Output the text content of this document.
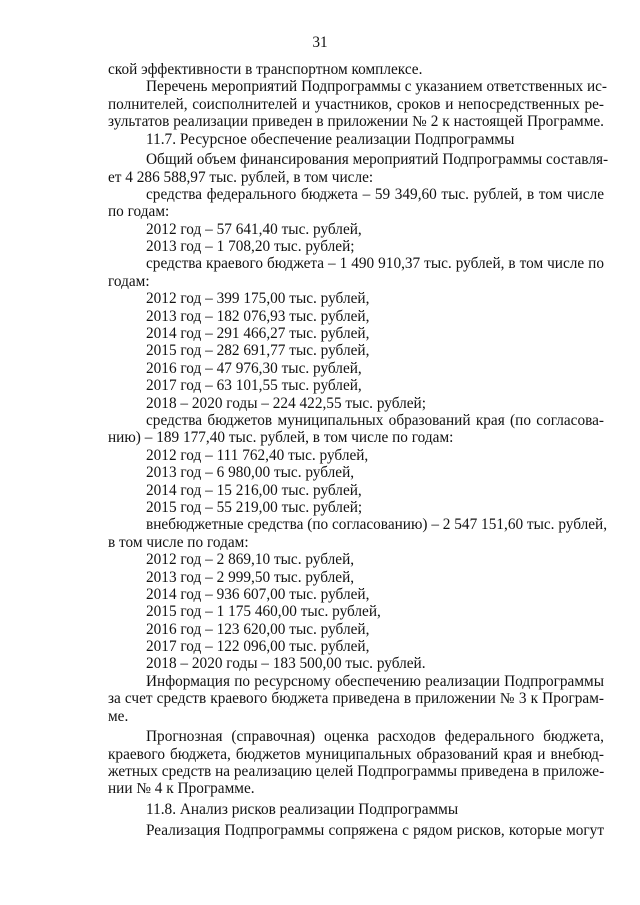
31
ской эффективности в транспортном комплексе.
Перечень мероприятий Подпрограммы с указанием ответственных ис-
полнителей, соисполнителей и участников, сроков и непосредственных ре-
зультатов реализации приведен в приложении № 2 к настоящей Программе.
11.7. Ресурсное обеспечение реализации Подпрограммы
Общий объем финансирования мероприятий Подпрограммы составля-
ет 4 286 588,97 тыс. рублей, в том числе:
средства федерального бюджета – 59 349,60 тыс. рублей, в том числе
по годам:
2012 год – 57 641,40 тыс. рублей,
2013 год – 1 708,20 тыс. рублей;
средства краевого бюджета – 1 490 910,37 тыс. рублей, в том числе по
годам:
2012 год – 399 175,00 тыс. рублей,
2013 год – 182 076,93 тыс. рублей,
2014 год – 291 466,27 тыс. рублей,
2015 год – 282 691,77 тыс. рублей,
2016 год – 47 976,30 тыс. рублей,
2017 год – 63 101,55 тыс. рублей,
2018 – 2020 годы – 224 422,55 тыс. рублей;
средства бюджетов муниципальных образований края (по согласова-
нию) – 189 177,40 тыс. рублей, в том числе по годам:
2012 год – 111 762,40 тыс. рублей,
2013 год – 6 980,00 тыс. рублей,
2014 год – 15 216,00 тыс. рублей,
2015 год – 55 219,00 тыс. рублей;
внебюджетные средства (по согласованию) – 2 547 151,60 тыс. рублей,
в том числе по годам:
2012 год – 2 869,10 тыс. рублей,
2013 год – 2 999,50 тыс. рублей,
2014 год – 936 607,00 тыс. рублей,
2015 год – 1 175 460,00 тыс. рублей,
2016 год – 123 620,00 тыс. рублей,
2017 год – 122 096,00 тыс. рублей,
2018 – 2020 годы – 183 500,00 тыс. рублей.
Информация по ресурсному обеспечению реализации Подпрограммы
за счет средств краевого бюджета приведена в приложении № 3 к Програм-
ме.
Прогнозная (справочная) оценка расходов федерального бюджета,
краевого бюджета, бюджетов муниципальных образований края и внебюд-
жетных средств на реализацию целей Подпрограммы приведена в приложе-
нии № 4 к Программе.
11.8. Анализ рисков реализации Подпрограммы
Реализация Подпрограммы сопряжена с рядом рисков, которые могут
